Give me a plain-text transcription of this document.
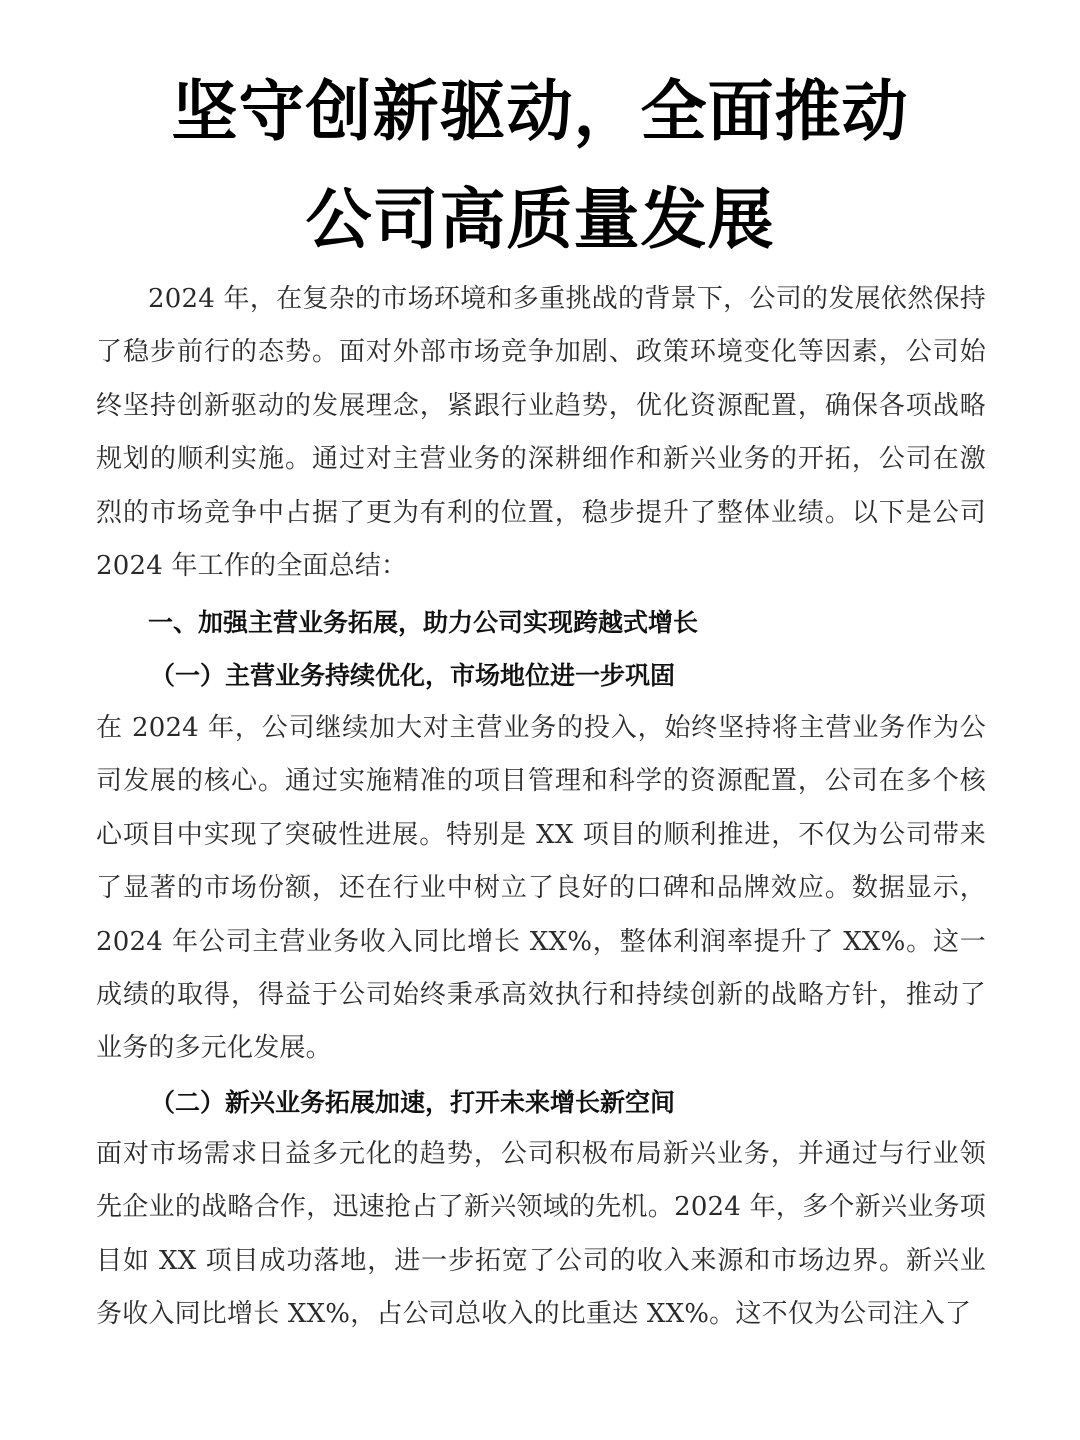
坚守创新驱动，全面推动
公司高质量发展

2024 年，在复杂的市场环境和多重挑战的背景下，公司的发展依然保持了稳步前行的态势。面对外部市场竞争加剧、政策环境变化等因素，公司始终坚持创新驱动的发展理念，紧跟行业趋势，优化资源配置，确保各项战略规划的顺利实施。通过对主营业务的深耕细作和新兴业务的开拓，公司在激烈的市场竞争中占据了更为有利的位置，稳步提升了整体业绩。以下是公司 2024 年工作的全面总结：

一、加强主营业务拓展，助力公司实现跨越式增长
（一）主营业务持续优化，市场地位进一步巩固

在 2024 年，公司继续加大对主营业务的投入，始终坚持将主营业务作为公司发展的核心。通过实施精准的项目管理和科学的资源配置，公司在多个核心项目中实现了突破性进展。特别是 XX 项目的顺利推进，不仅为公司带来了显著的市场份额，还在行业中树立了良好的口碑和品牌效应。数据显示，2024 年公司主营业务收入同比增长 XX%，整体利润率提升了 XX%。这一成绩的取得，得益于公司始终秉承高效执行和持续创新的战略方针，推动了业务的多元化发展。

（二）新兴业务拓展加速，打开未来增长新空间

面对市场需求日益多元化的趋势，公司积极布局新兴业务，并通过与行业领先企业的战略合作，迅速抢占了新兴领域的先机。2024 年，多个新兴业务项目如 XX 项目成功落地，进一步拓宽了公司的收入来源和市场边界。新兴业务收入同比增长 XX%，占公司总收入的比重达 XX%。这不仅为公司注入了
